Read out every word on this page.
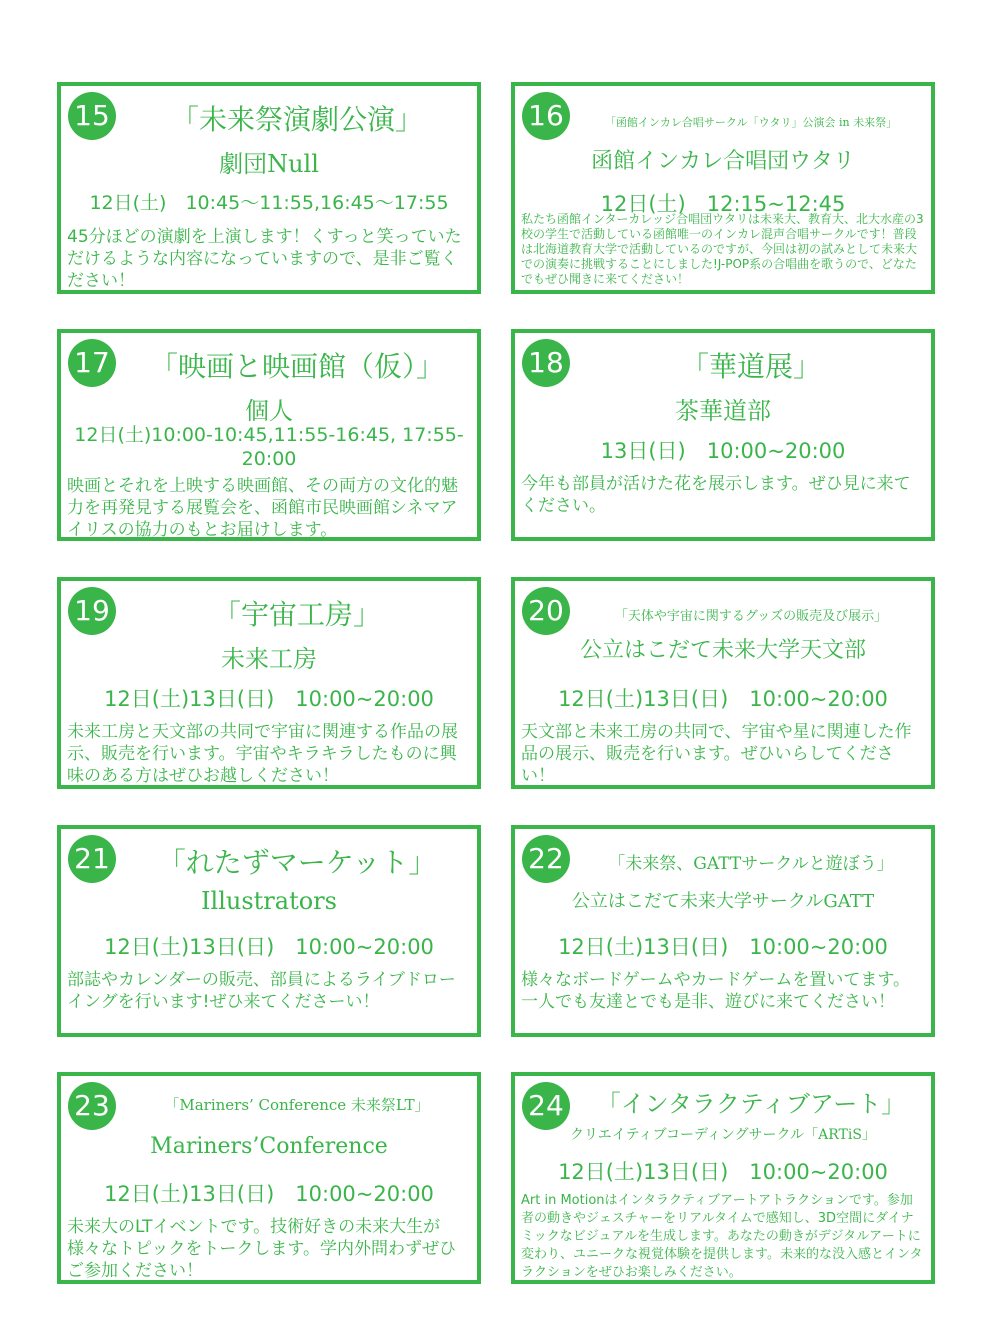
15	「未来祭演劇公演」
劇団Null
12日(土)　10:45〜11:55,16:45〜17:55
45分ほどの演劇を上演します！くすっと笑っていただけるような内容になっていますので、是非ご覧ください！
16	「函館インカレ合唱サークル「ウタリ」公演会 in 未来祭」
函館インカレ合唱団ウタリ
12日(土)　12:15~12:45
私たち函館インターカレッジ合唱団ウタリは未来大、教育大、北大水産の3校の学生で活動している函館唯一のインカレ混声合唱サークルです！普段は北海道教育大学で活動しているのですが、今回は初の試みとして未来大での演奏に挑戦することにしました!J-POP系の合唱曲を歌うので、どなたでもぜひ聞きに来てください！
17	「映画と映画館（仮）」
個人
12日(土)10:00-10:45,11:55-16:45, 17:55-20:00
映画とそれを上映する映画館、その両方の文化的魅力を再発見する展覧会を、函館市民映画館シネマアイリスの協力のもとお届けします。
18	「華道展」
茶華道部
13日(日)　10:00~20:00
今年も部員が活けた花を展示します。ぜひ見に来てください。
19	「宇宙工房」
未来工房
12日(土)13日(日)　10:00~20:00
未来工房と天文部の共同で宇宙に関連する作品の展示、販売を行います。宇宙やキラキラしたものに興味のある方はぜひお越しください！
20	「天体や宇宙に関するグッズの販売及び展示」
公立はこだて未来大学天文部
12日(土)13日(日)　10:00~20:00
天文部と未来工房の共同で、宇宙や星に関連した作品の展示、販売を行います。ぜひいらしてください！
21	「れたずマーケット」
Illustrators
12日(土)13日(日)　10:00~20:00
部誌やカレンダーの販売、部員によるライブドローイングを行います!ぜひ来てくださーい！
22	「未来祭、GATTサークルと遊ぼう」
公立はこだて未来大学サークルGATT
12日(土)13日(日)　10:00~20:00
様々なボードゲームやカードゲームを置いてます。一人でも友達とでも是非、遊びに来てください！
23	「Mariners’ Conference 未来祭LT」
Mariners’Conference
12日(土)13日(日)　10:00~20:00
未来大のLTイベントです。技術好きの未来大生が様々なトピックをトークします。学内外問わずぜひご参加ください！
24	「インタラクティブアート」
クリエイティブコーディングサークル「ARTiS」
12日(土)13日(日)　10:00~20:00
Art in Motionはインタラクティブアートアトラクションです。参加者の動きやジェスチャーをリアルタイムで感知し、3D空間にダイナミックなビジュアルを生成します。あなたの動きがデジタルアートに変わり、ユニークな視覚体験を提供します。未来的な没入感とインタラクションをぜひお楽しみください。
